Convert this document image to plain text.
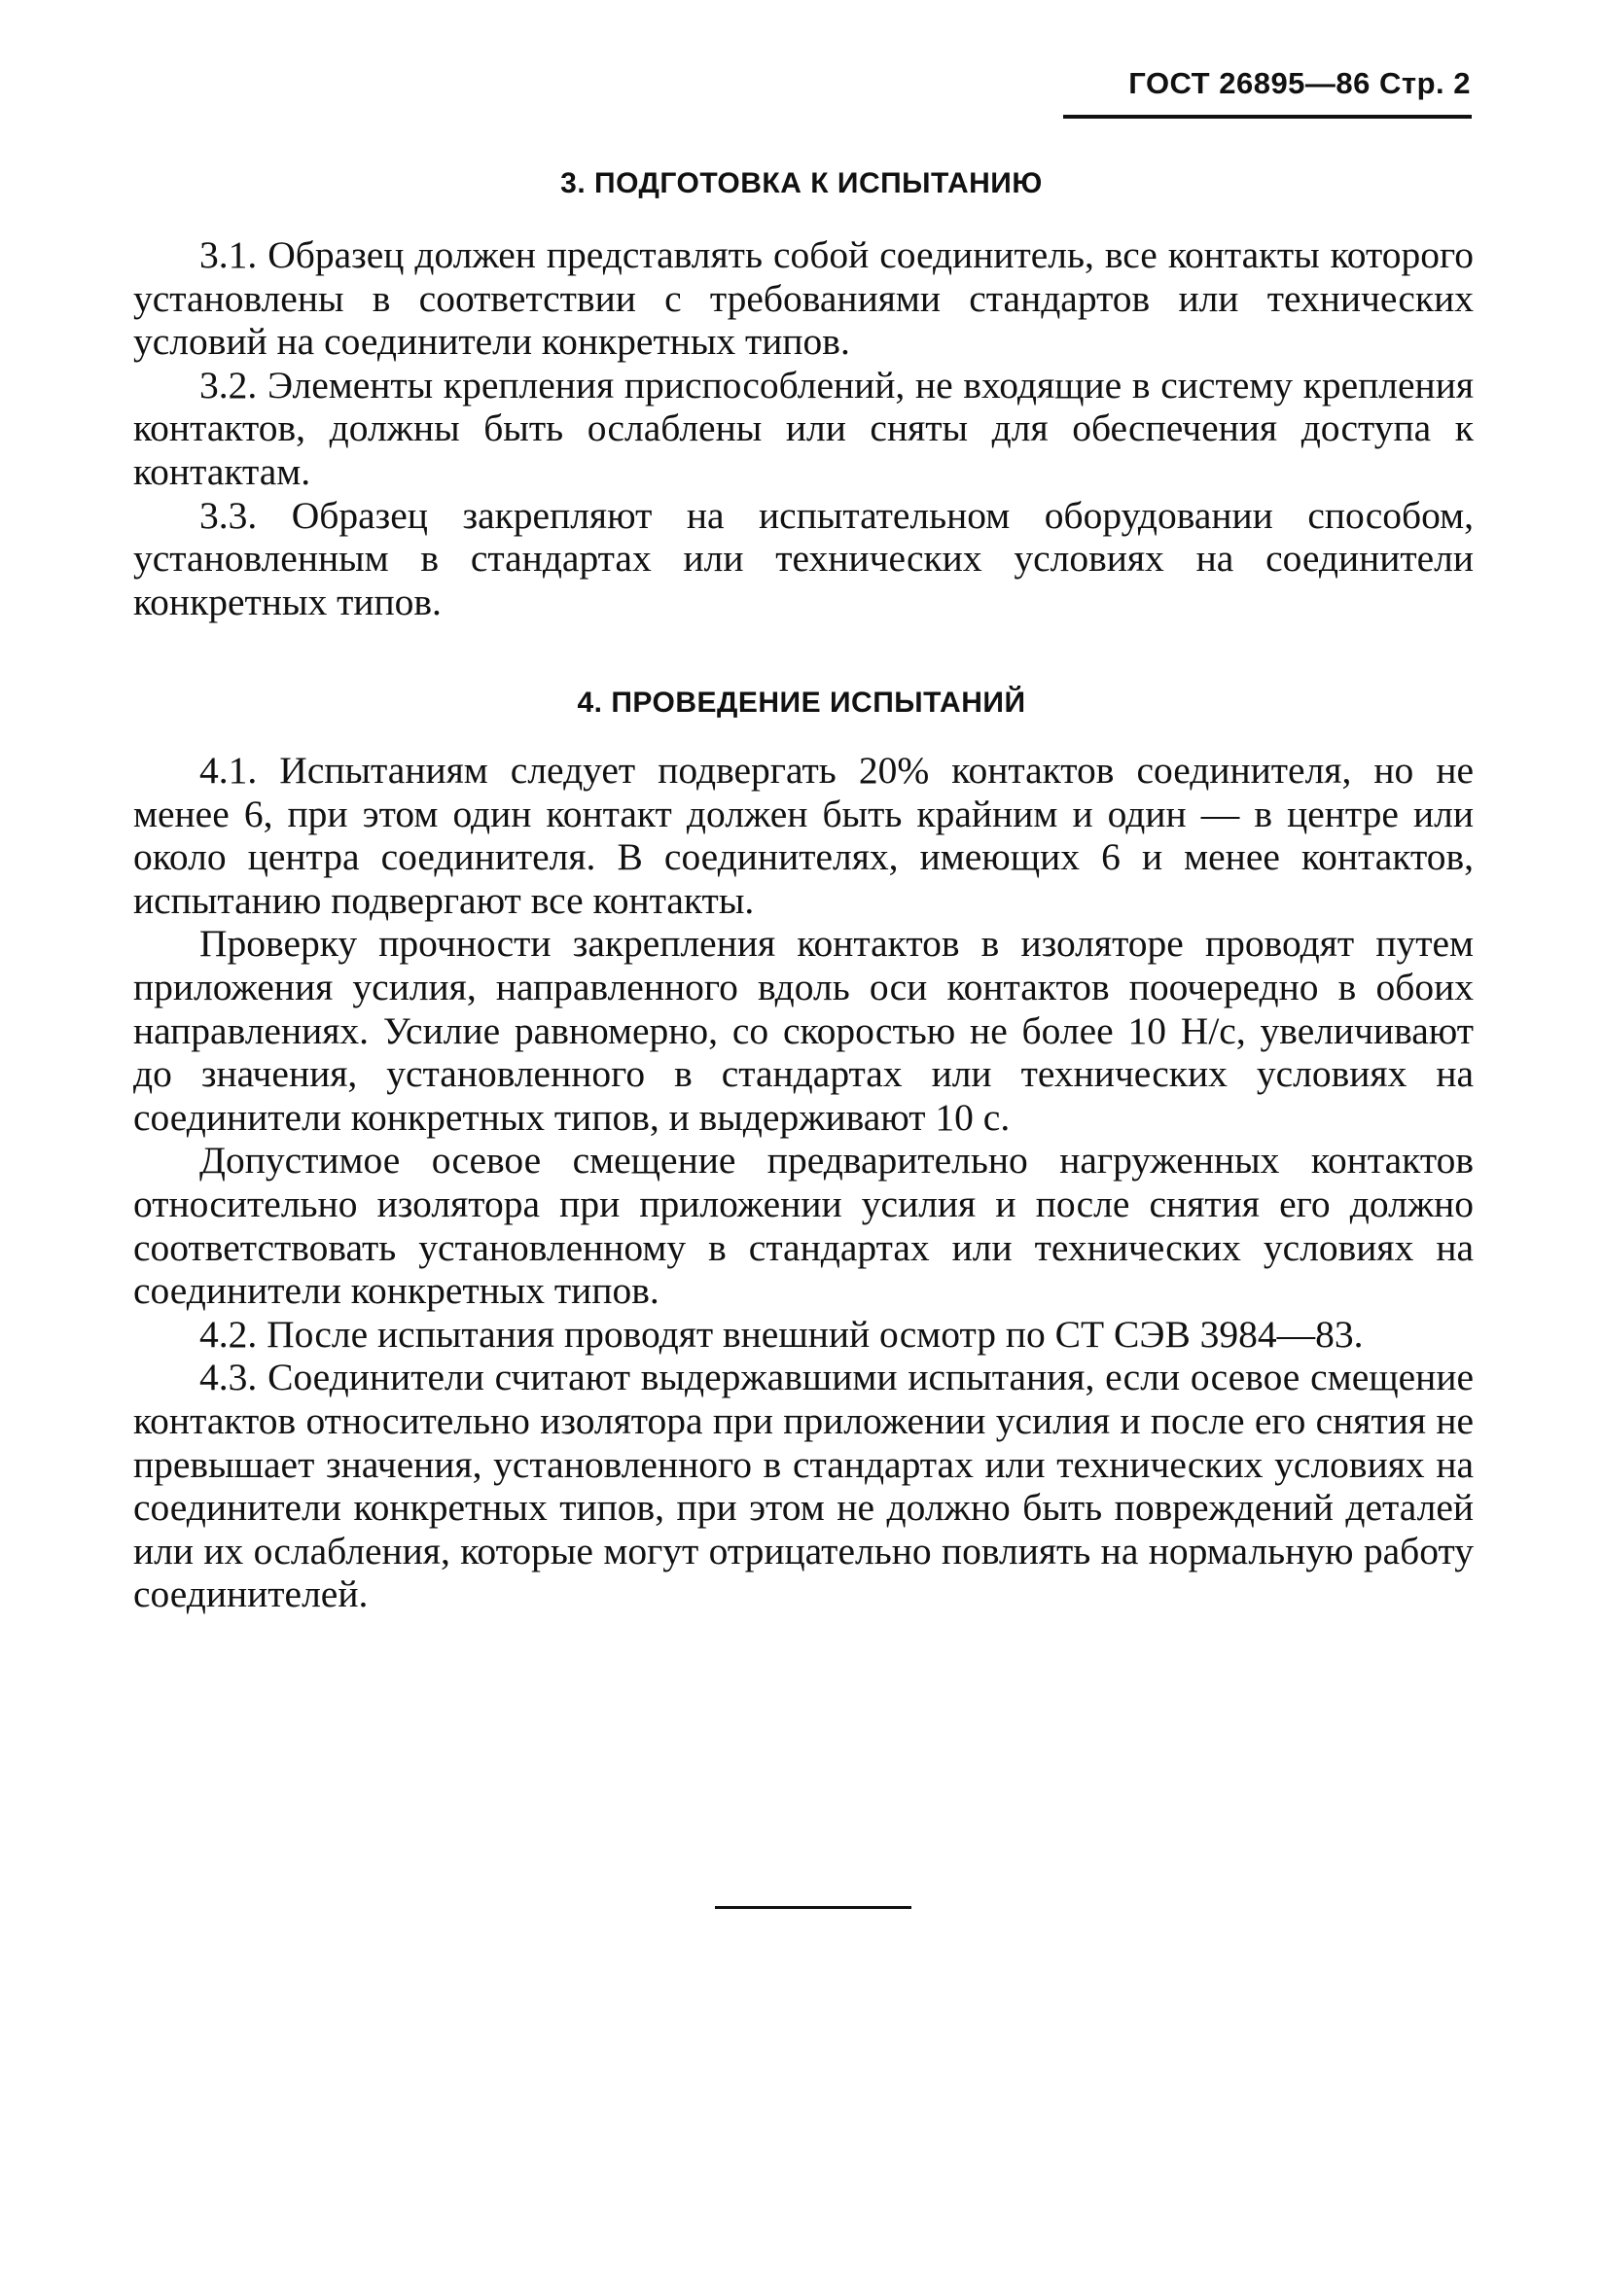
ГОСТ 26895—86 Стр. 2
3. ПОДГОТОВКА К ИСПЫТАНИЮ

3.1. Образец должен представлять собой соединитель, все контакты которого установлены в соответствии с требованиями стандартов или технических условий на соединители конкретных типов.

3.2. Элементы крепления приспособлений, не входящие в систему крепления контактов, должны быть ослаблены или сняты для обеспечения доступа к контактам.

3.3. Образец закрепляют на испытательном оборудовании способом, установленным в стандартах или технических условиях на соединители конкретных типов.

4. ПРОВЕДЕНИЕ ИСПЫТАНИЙ

4.1. Испытаниям следует подвергать 20% контактов соединителя, но не менее 6, при этом один контакт должен быть крайним и один — в центре или около центра соединителя. В соединителях, имеющих 6 и менее контактов, испытанию подвергают все контакты.

Проверку прочности закрепления контактов в изоляторе проводят путем приложения усилия, направленного вдоль оси контактов поочередно в обоих направлениях. Усилие равномерно, со скоростью не более 10 Н/с, увеличивают до значения, установленного в стандартах или технических условиях на соединители конкретных типов, и выдерживают 10 с.

Допустимое осевое смещение предварительно нагруженных контактов относительно изолятора при приложении усилия и после снятия его должно соответствовать установленному в стандартах или технических условиях на соединители конкретных типов.

4.2. После испытания проводят внешний осмотр по СТ СЭВ 3984—83.

4.3. Соединители считают выдержавшими испытания, если осевое смещение контактов относительно изолятора при приложении усилия и после его снятия не превышает значения, установленного в стандартах или технических условиях на соединители конкретных типов, при этом не должно быть повреждений деталей или их ослабления, которые могут отрицательно повлиять на нормальную работу соединителей.
